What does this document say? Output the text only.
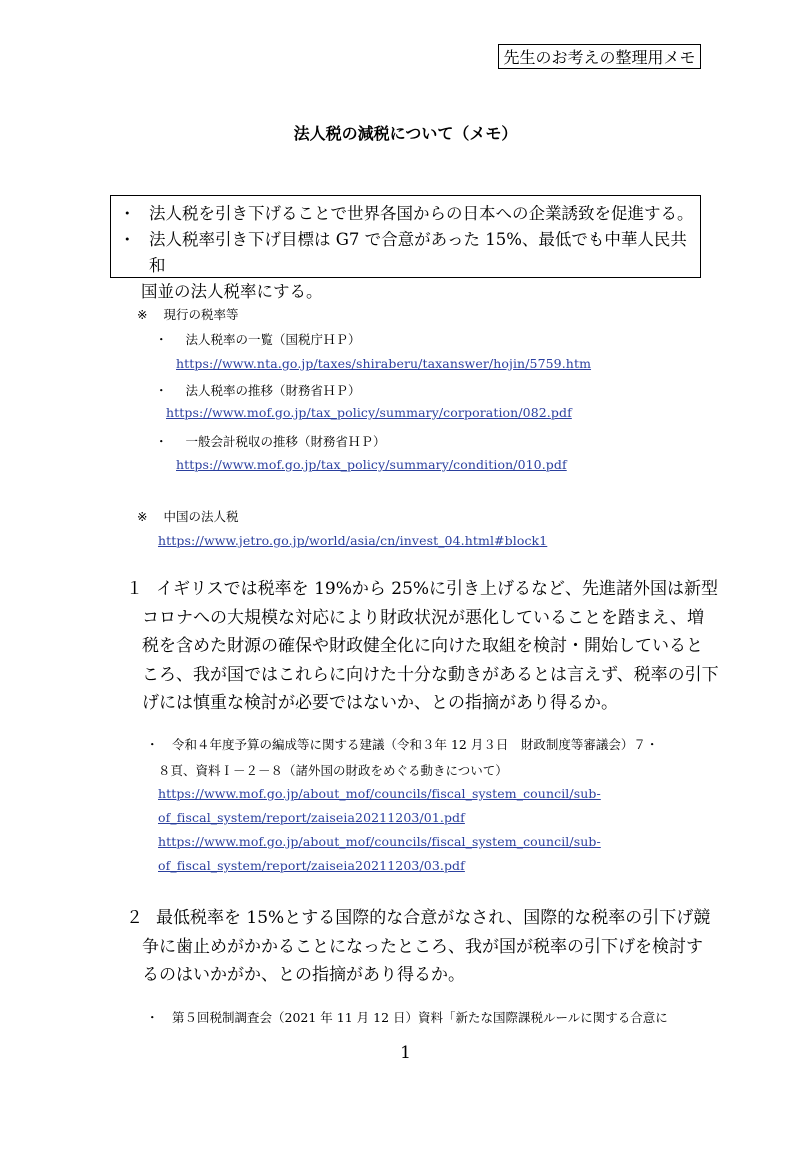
先生のお考えの整理用メモ
法人税の減税について（メモ）
・ 法人税を引き下げることで世界各国からの日本への企業誘致を促進する。
・ 法人税率引き下げ目標は G7 で合意があった 15%、最低でも中華人民共和
国並の法人税率にする。
※ 現行の税率等
・ 法人税率の一覧（国税庁ＨＰ）
https://www.nta.go.jp/taxes/shiraberu/taxanswer/hojin/5759.htm
・ 法人税率の推移（財務省ＨＰ）
https://www.mof.go.jp/tax_policy/summary/corporation/082.pdf
・ 一般会計税収の推移（財務省ＨＰ）
https://www.mof.go.jp/tax_policy/summary/condition/010.pdf
※ 中国の法人税
https://www.jetro.go.jp/world/asia/cn/invest_04.html#block1
１ イギリスでは税率を 19%から 25%に引き上げるなど、先進諸外国は新型
コロナへの大規模な対応により財政状況が悪化していることを踏まえ、増
税を含めた財源の確保や財政健全化に向けた取組を検討・開始していると
ころ、我が国ではこれらに向けた十分な動きがあるとは言えず、税率の引下
げには慎重な検討が必要ではないか、との指摘があり得るか。
・ 令和４年度予算の編成等に関する建議（令和３年 12 月３日　財政制度等審議会）７・
８頁、資料Ｉ－２－８（諸外国の財政をめぐる動きについて）
https://www.mof.go.jp/about_mof/councils/fiscal_system_council/sub-
of_fiscal_system/report/zaiseia20211203/01.pdf
https://www.mof.go.jp/about_mof/councils/fiscal_system_council/sub-
of_fiscal_system/report/zaiseia20211203/03.pdf
２ 最低税率を 15%とする国際的な合意がなされ、国際的な税率の引下げ競
争に歯止めがかかることになったところ、我が国が税率の引下げを検討す
るのはいかがか、との指摘があり得るか。
・ 第５回税制調査会（2021 年 11 月 12 日）資料「新たな国際課税ルールに関する合意に
1
